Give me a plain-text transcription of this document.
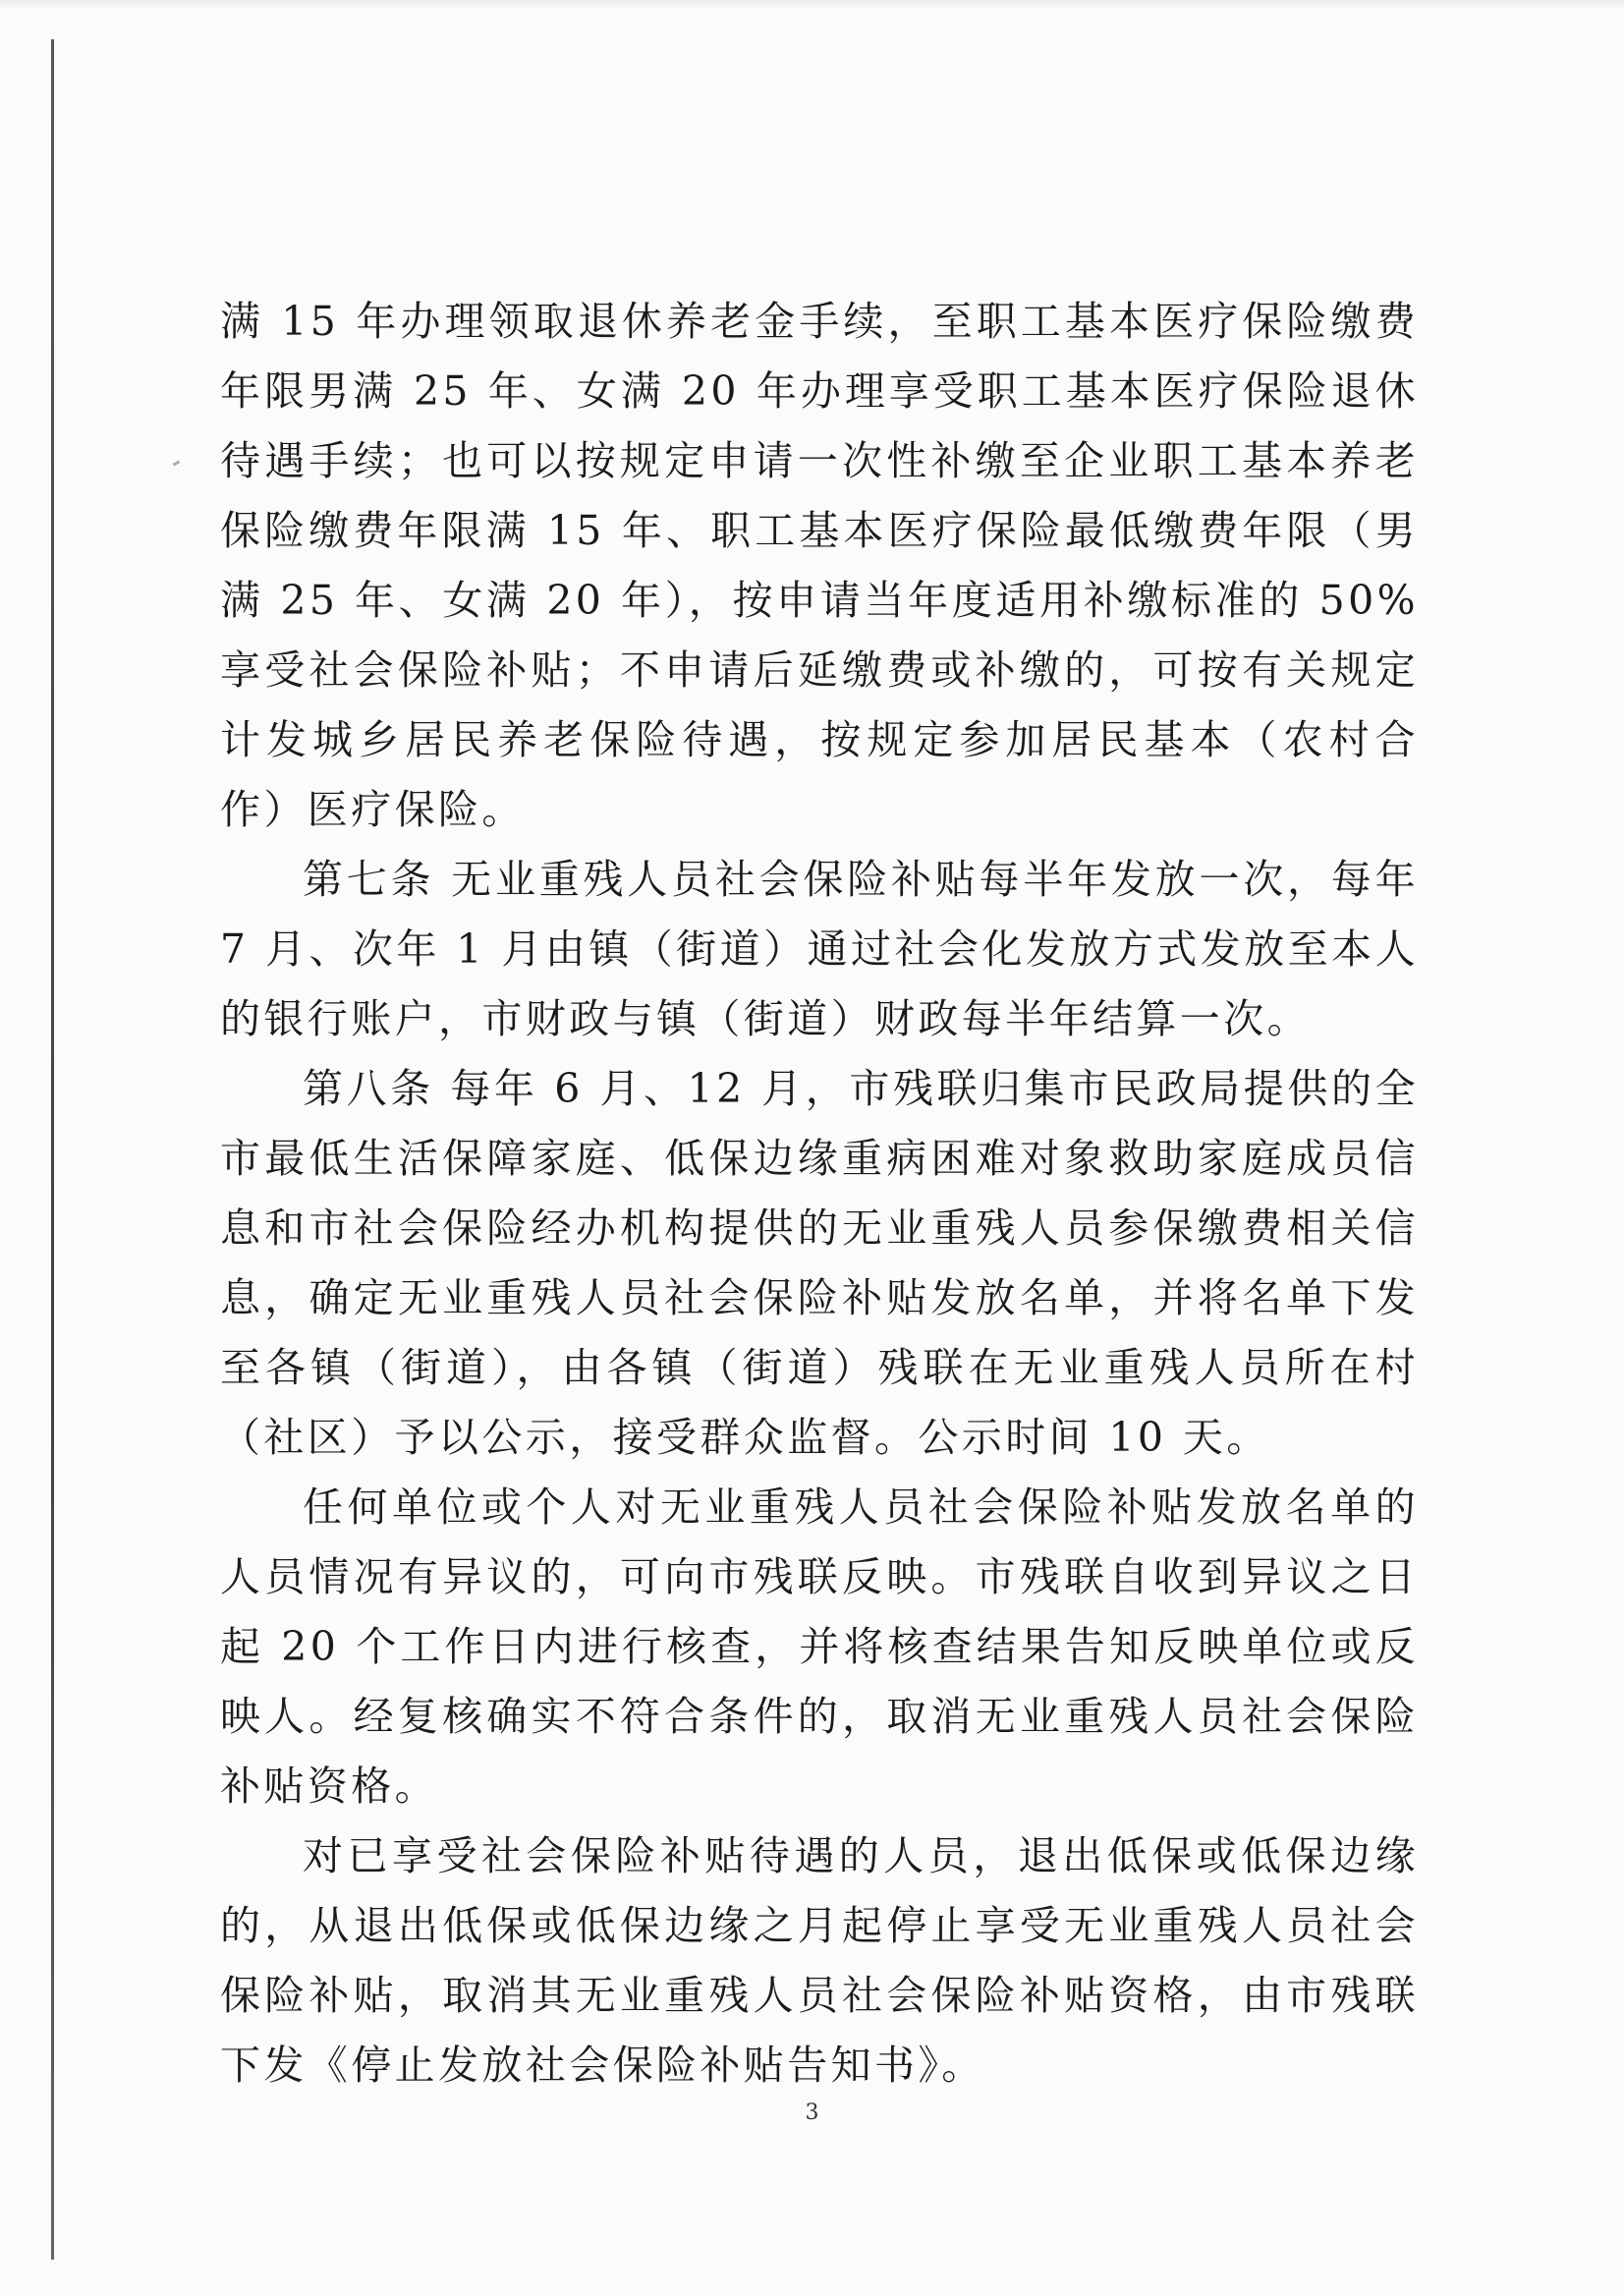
满 15 年办理领取退休养老金手续，至职工基本医疗保险缴费年限男满 25 年、女满 20 年办理享受职工基本医疗保险退休待遇手续；也可以按规定申请一次性补缴至企业职工基本养老保险缴费年限满 15 年、职工基本医疗保险最低缴费年限（男满 25 年、女满 20 年），按申请当年度适用补缴标准的 50%享受社会保险补贴；不申请后延缴费或补缴的，可按有关规定计发城乡居民养老保险待遇，按规定参加居民基本（农村合作）医疗保险。

第七条 无业重残人员社会保险补贴每半年发放一次，每年 7 月、次年 1 月由镇（街道）通过社会化发放方式发放至本人的银行账户，市财政与镇（街道）财政每半年结算一次。

第八条 每年 6 月、12 月，市残联归集市民政局提供的全市最低生活保障家庭、低保边缘重病困难对象救助家庭成员信息和市社会保险经办机构提供的无业重残人员参保缴费相关信息，确定无业重残人员社会保险补贴发放名单，并将名单下发至各镇（街道），由各镇（街道）残联在无业重残人员所在村（社区）予以公示，接受群众监督。公示时间 10 天。

任何单位或个人对无业重残人员社会保险补贴发放名单的人员情况有异议的，可向市残联反映。市残联自收到异议之日起 20 个工作日内进行核查，并将核查结果告知反映单位或反映人。经复核确实不符合条件的，取消无业重残人员社会保险补贴资格。

对已享受社会保险补贴待遇的人员，退出低保或低保边缘的，从退出低保或低保边缘之月起停止享受无业重残人员社会保险补贴，取消其无业重残人员社会保险补贴资格，由市残联下发《停止发放社会保险补贴告知书》。

3
